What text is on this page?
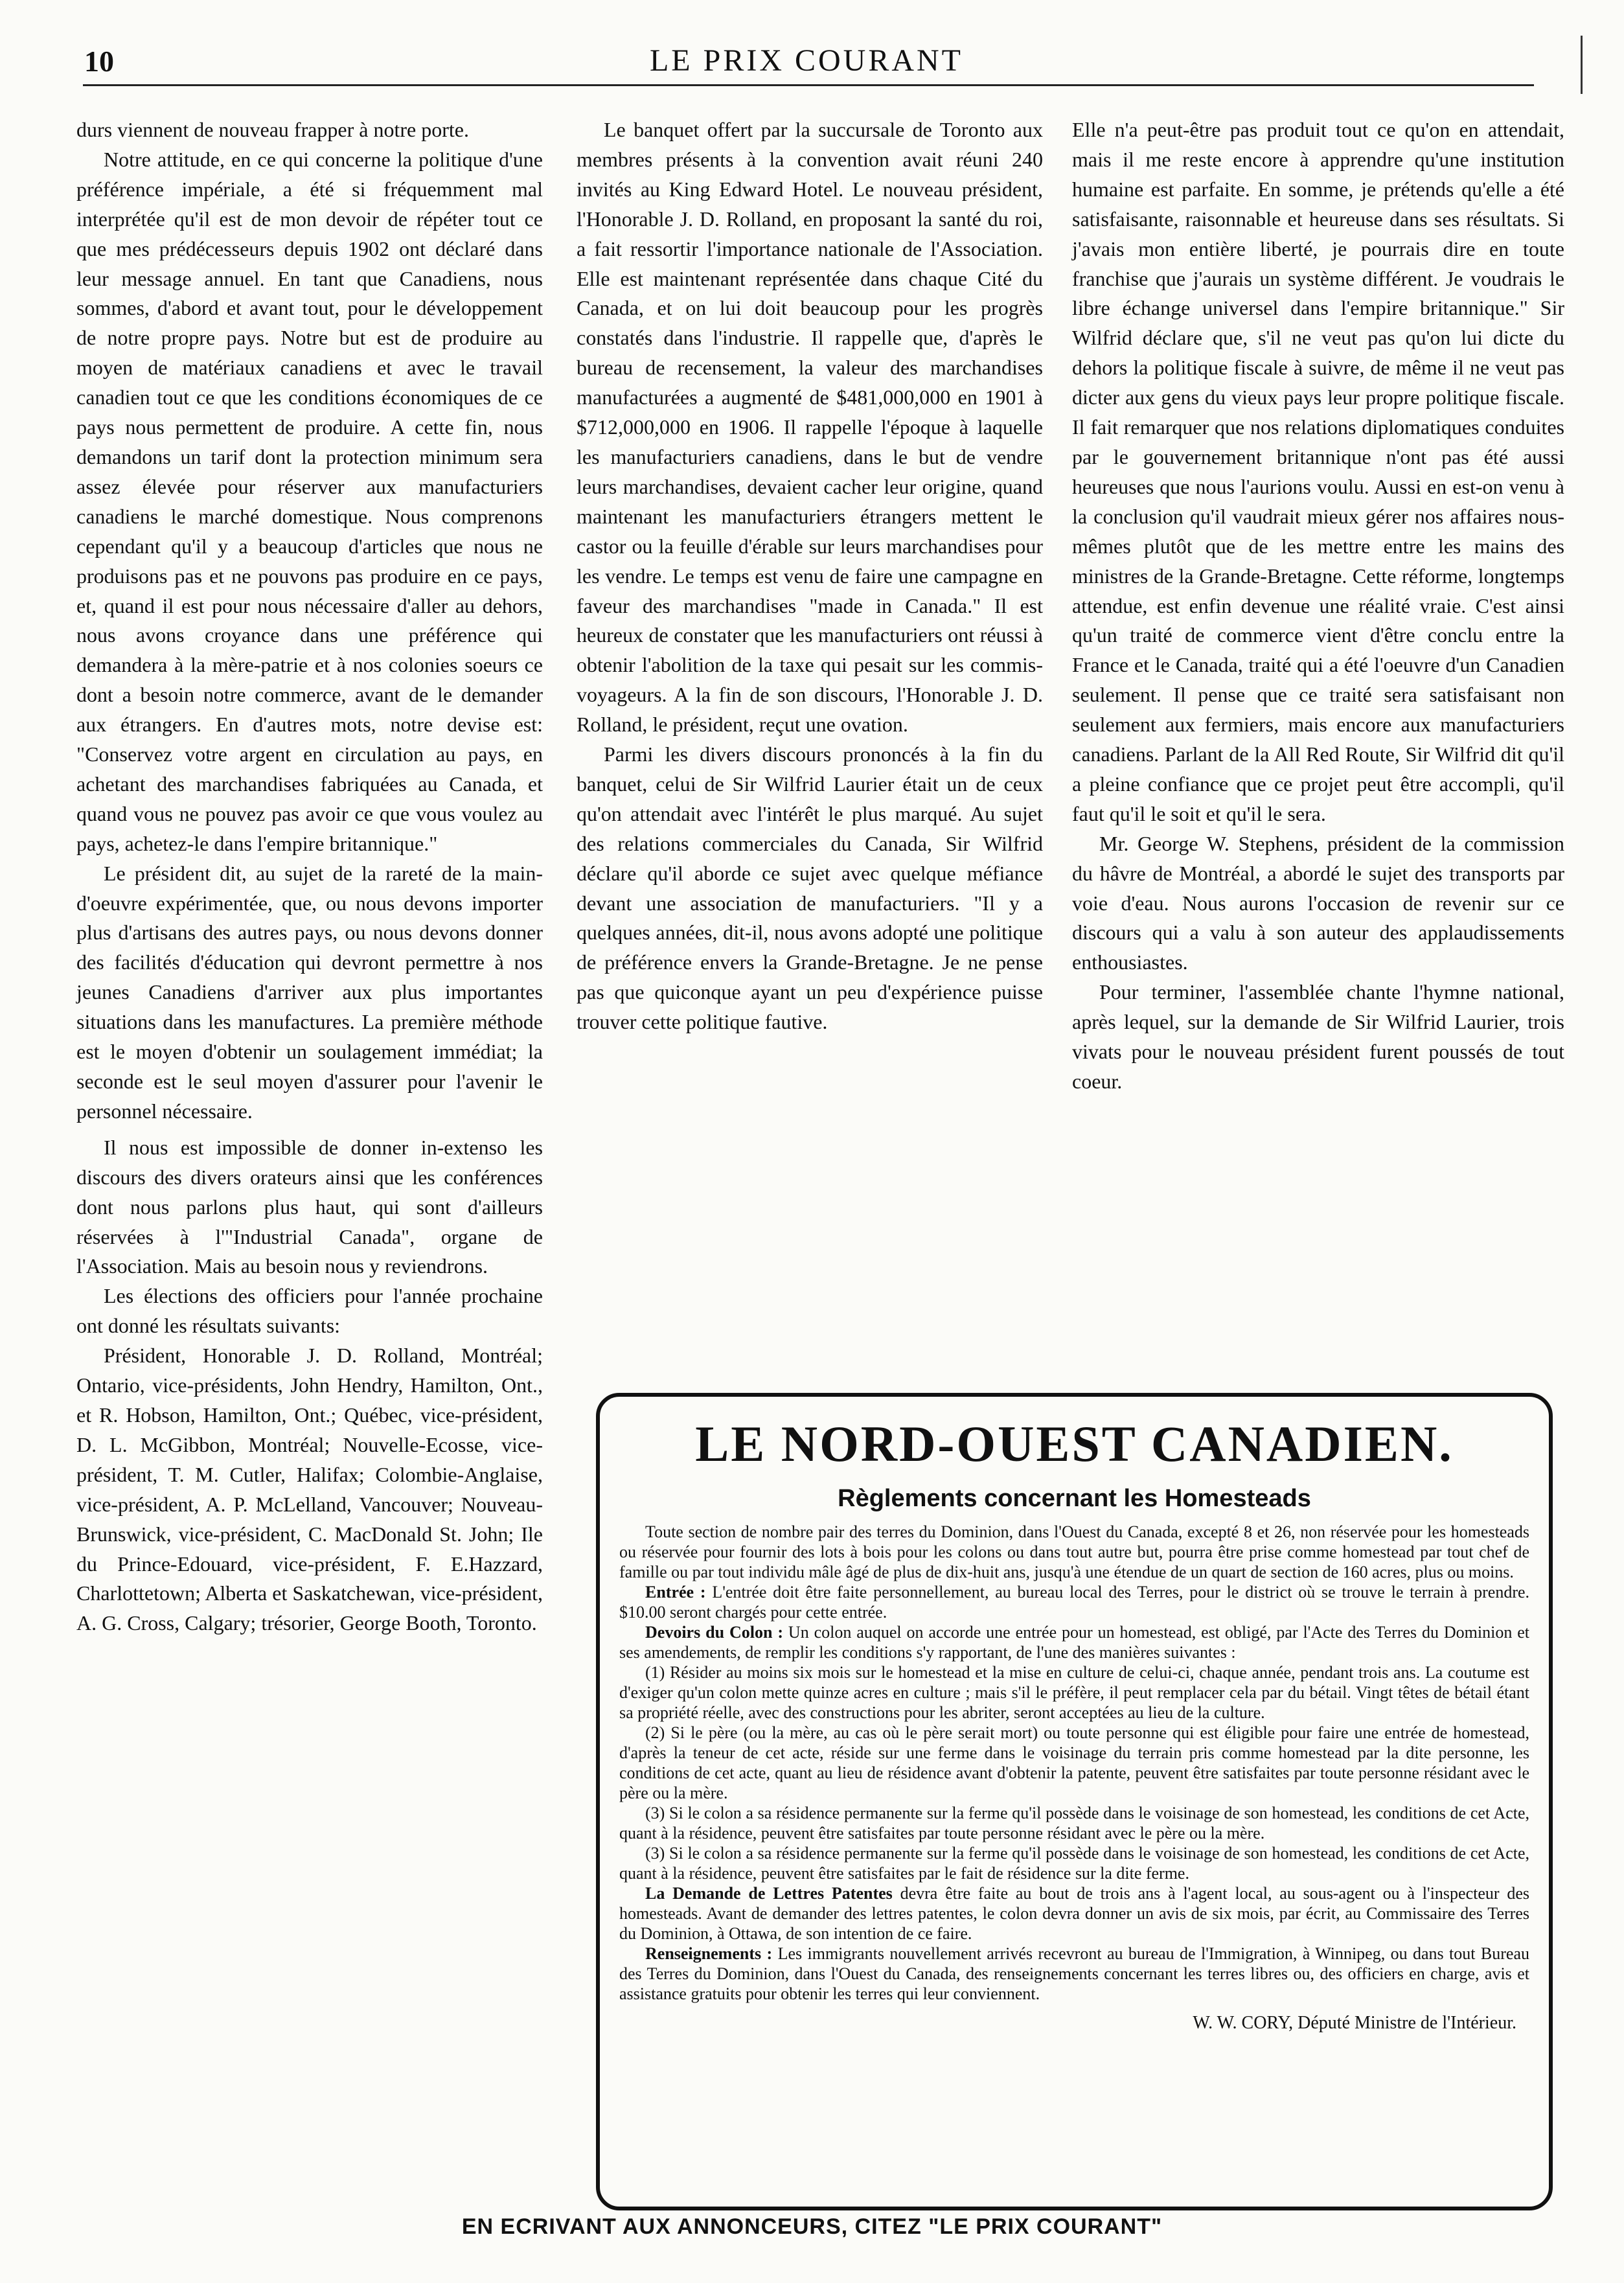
10	LE PRIX COURANT

durs viennent de nouveau frapper à notre porte.

Notre attitude, en ce qui concerne la politique d'une préférence impériale, a été si fréquemment mal interprétée qu'il est de mon devoir de répéter tout ce que mes prédécesseurs depuis 1902 ont déclaré dans leur message annuel. En tant que Canadiens, nous sommes, d'abord et avant tout, pour le développement de notre propre pays. Notre but est de produire au moyen de matériaux canadiens et avec le travail canadien tout ce que les conditions économiques de ce pays nous permettent de produire. A cette fin, nous demandons un tarif dont la protection minimum sera assez élevée pour réserver aux manufacturiers canadiens le marché domestique. Nous comprenons cependant qu'il y a beaucoup d'articles que nous ne produisons pas et ne pouvons pas produire en ce pays, et, quand il est pour nous nécessaire d'aller au dehors, nous avons croyance dans une préférence qui demandera à la mère-patrie et à nos colonies soeurs ce dont a besoin notre commerce, avant de le demander aux étrangers. En d'autres mots, notre devise est: "Conservez votre argent en circulation au pays, en achetant des marchandises fabriquées au Canada, et quand vous ne pouvez pas avoir ce que vous voulez au pays, achetez-le dans l'empire britannique."

Le président dit, au sujet de la rareté de la main-d'oeuvre expérimentée, que, ou nous devons importer plus d'artisans des autres pays, ou nous devons donner des facilités d'éducation qui devront permettre à nos jeunes Canadiens d'arriver aux plus importantes situations dans les manufactures. La première méthode est le moyen d'obtenir un soulagement immédiat; la seconde est le seul moyen d'assurer pour l'avenir le personnel nécessaire.

Il nous est impossible de donner in-extenso les discours des divers orateurs ainsi que les conférences dont nous parlons plus haut, qui sont d'ailleurs réservées à l'"Industrial Canada", organe de l'Association. Mais au besoin nous y reviendrons.

Les élections des officiers pour l'année prochaine ont donné les résultats suivants:

Président, Honorable J. D. Rolland, Montréal; Ontario, vice-présidents, John Hendry, Hamilton, Ont., et R. Hobson, Hamilton, Ont.; Québec, vice-président, D. L. McGibbon, Montréal; Nouvelle-Ecosse, vice-président, T. M. Cutler, Halifax; Colombie-Anglaise, vice-président, A. P. McLelland, Vancouver; Nouveau-Brunswick, vice-président, C. MacDonald St. John; Ile du Prince-Edouard, vice-président, F. E.Hazzard, Charlottetown; Alberta et Saskatchewan, vice-président, A. G. Cross, Calgary; trésorier, George Booth, Toronto.

Le banquet offert par la succursale de Toronto aux membres présents à la convention avait réuni 240 invités au King Edward Hotel. Le nouveau président, l'Honorable J. D. Rolland, en proposant la santé du roi, a fait ressortir l'importance nationale de l'Association. Elle est maintenant représentée dans chaque Cité du Canada, et on lui doit beaucoup pour les progrès constatés dans l'industrie. Il rappelle que, d'après le bureau de recensement, la valeur des marchandises manufacturées a augmenté de $481,000,000 en 1901 à $712,000,000 en 1906. Il rappelle l'époque à laquelle les manufacturiers canadiens, dans le but de vendre leurs marchandises, devaient cacher leur origine, quand maintenant les manufacturiers étrangers mettent le castor ou la feuille d'érable sur leurs marchandises pour les vendre. Le temps est venu de faire une campagne en faveur des marchandises "made in Canada." Il est heureux de constater que les manufacturiers ont réussi à obtenir l'abolition de la taxe qui pesait sur les commis-voyageurs. A la fin de son discours, l'Honorable J. D. Rolland, le président, reçut une ovation.

Parmi les divers discours prononcés à la fin du banquet, celui de Sir Wilfrid Laurier était un de ceux qu'on attendait avec l'intérêt le plus marqué. Au sujet des relations commerciales du Canada, Sir Wilfrid déclare qu'il aborde ce sujet avec quelque méfiance devant une association de manufacturiers. "Il y a quelques années, dit-il, nous avons adopté une politique de préférence envers la Grande-Bretagne. Je ne pense pas que quiconque ayant un peu d'expérience puisse trouver cette politique fautive.

Elle n'a peut-être pas produit tout ce qu'on en attendait, mais il me reste encore à apprendre qu'une institution humaine est parfaite. En somme, je prétends qu'elle a été satisfaisante, raisonnable et heureuse dans ses résultats. Si j'avais mon entière liberté, je pourrais dire en toute franchise que j'aurais un système différent. Je voudrais le libre échange universel dans l'empire britannique." Sir Wilfrid déclare que, s'il ne veut pas qu'on lui dicte du dehors la politique fiscale à suivre, de même il ne veut pas dicter aux gens du vieux pays leur propre politique fiscale. Il fait remarquer que nos relations diplomatiques conduites par le gouvernement britannique n'ont pas été aussi heureuses que nous l'aurions voulu. Aussi en est-on venu à la conclusion qu'il vaudrait mieux gérer nos affaires nous-mêmes plutôt que de les mettre entre les mains des ministres de la Grande-Bretagne. Cette réforme, longtemps attendue, est enfin devenue une réalité vraie. C'est ainsi qu'un traité de commerce vient d'être conclu entre la France et le Canada, traité qui a été l'oeuvre d'un Canadien seulement. Il pense que ce traité sera satisfaisant non seulement aux fermiers, mais encore aux manufacturiers canadiens. Parlant de la All Red Route, Sir Wilfrid dit qu'il a pleine confiance que ce projet peut être accompli, qu'il faut qu'il le soit et qu'il le sera.

Mr. George W. Stephens, président de la commission du hâvre de Montréal, a abordé le sujet des transports par voie d'eau. Nous aurons l'occasion de revenir sur ce discours qui a valu à son auteur des applaudissements enthousiastes.

Pour terminer, l'assemblée chante l'hymne national, après lequel, sur la demande de Sir Wilfrid Laurier, trois vivats pour le nouveau président furent poussés de tout coeur.

LE NORD-OUEST CANADIEN.
Règlements concernant les Homesteads

Toute section de nombre pair des terres du Dominion, dans l'Ouest du Canada, excepté 8 et 26, non réservée pour les homesteads ou réservée pour fournir des lots à bois pour les colons ou dans tout autre but, pourra être prise comme homestead par tout chef de famille ou par tout individu mâle âgé de plus de dix-huit ans, jusqu'à une étendue de un quart de section de 160 acres, plus ou moins.

Entrée : L'entrée doit être faite personnellement, au bureau local des Terres, pour le district où se trouve le terrain à prendre. $10.00 seront chargés pour cette entrée.

Devoirs du Colon : Un colon auquel on accorde une entrée pour un homestead, est obligé, par l'Acte des Terres du Dominion et ses amendements, de remplir les conditions s'y rapportant, de l'une des manières suivantes :

(1) Résider au moins six mois sur le homestead et la mise en culture de celui-ci, chaque année, pendant trois ans. La coutume est d'exiger qu'un colon mette quinze acres en culture ; mais s'il le préfère, il peut remplacer cela par du bétail. Vingt têtes de bétail étant sa propriété réelle, avec des constructions pour les abriter, seront acceptées au lieu de la culture.

(2) Si le père (ou la mère, au cas où le père serait mort) ou toute personne qui est éligible pour faire une entrée de homestead, d'après la teneur de cet acte, réside sur une ferme dans le voisinage du terrain pris comme homestead par la dite personne, les conditions de cet acte, quant au lieu de résidence avant d'obtenir la patente, peuvent être satisfaites par toute personne résidant avec le père ou la mère.

(3) Si le colon a sa résidence permanente sur la ferme qu'il possède dans le voisinage de son homestead, les conditions de cet Acte, quant à la résidence, peuvent être satisfaites par toute personne résidant avec le père ou la mère.

(3) Si le colon a sa résidence permanente sur la ferme qu'il possède dans le voisinage de son homestead, les conditions de cet Acte, quant à la résidence, peuvent être satisfaites par le fait de résidence sur la dite ferme.

La Demande de Lettres Patentes devra être faite au bout de trois ans à l'agent local, au sous-agent ou à l'inspecteur des homesteads. Avant de demander des lettres patentes, le colon devra donner un avis de six mois, par écrit, au Commissaire des Terres du Dominion, à Ottawa, de son intention de ce faire.

Renseignements : Les immigrants nouvellement arrivés recevront au bureau de l'Immigration, à Winnipeg, ou dans tout Bureau des Terres du Dominion, dans l'Ouest du Canada, des renseignements concernant les terres libres ou, des officiers en charge, avis et assistance gratuits pour obtenir les terres qui leur conviennent.

W. W. CORY, Député Ministre de l'Intérieur.
EN ECRIVANT AUX ANNONCEURS, CITEZ "LE PRIX COURANT"
